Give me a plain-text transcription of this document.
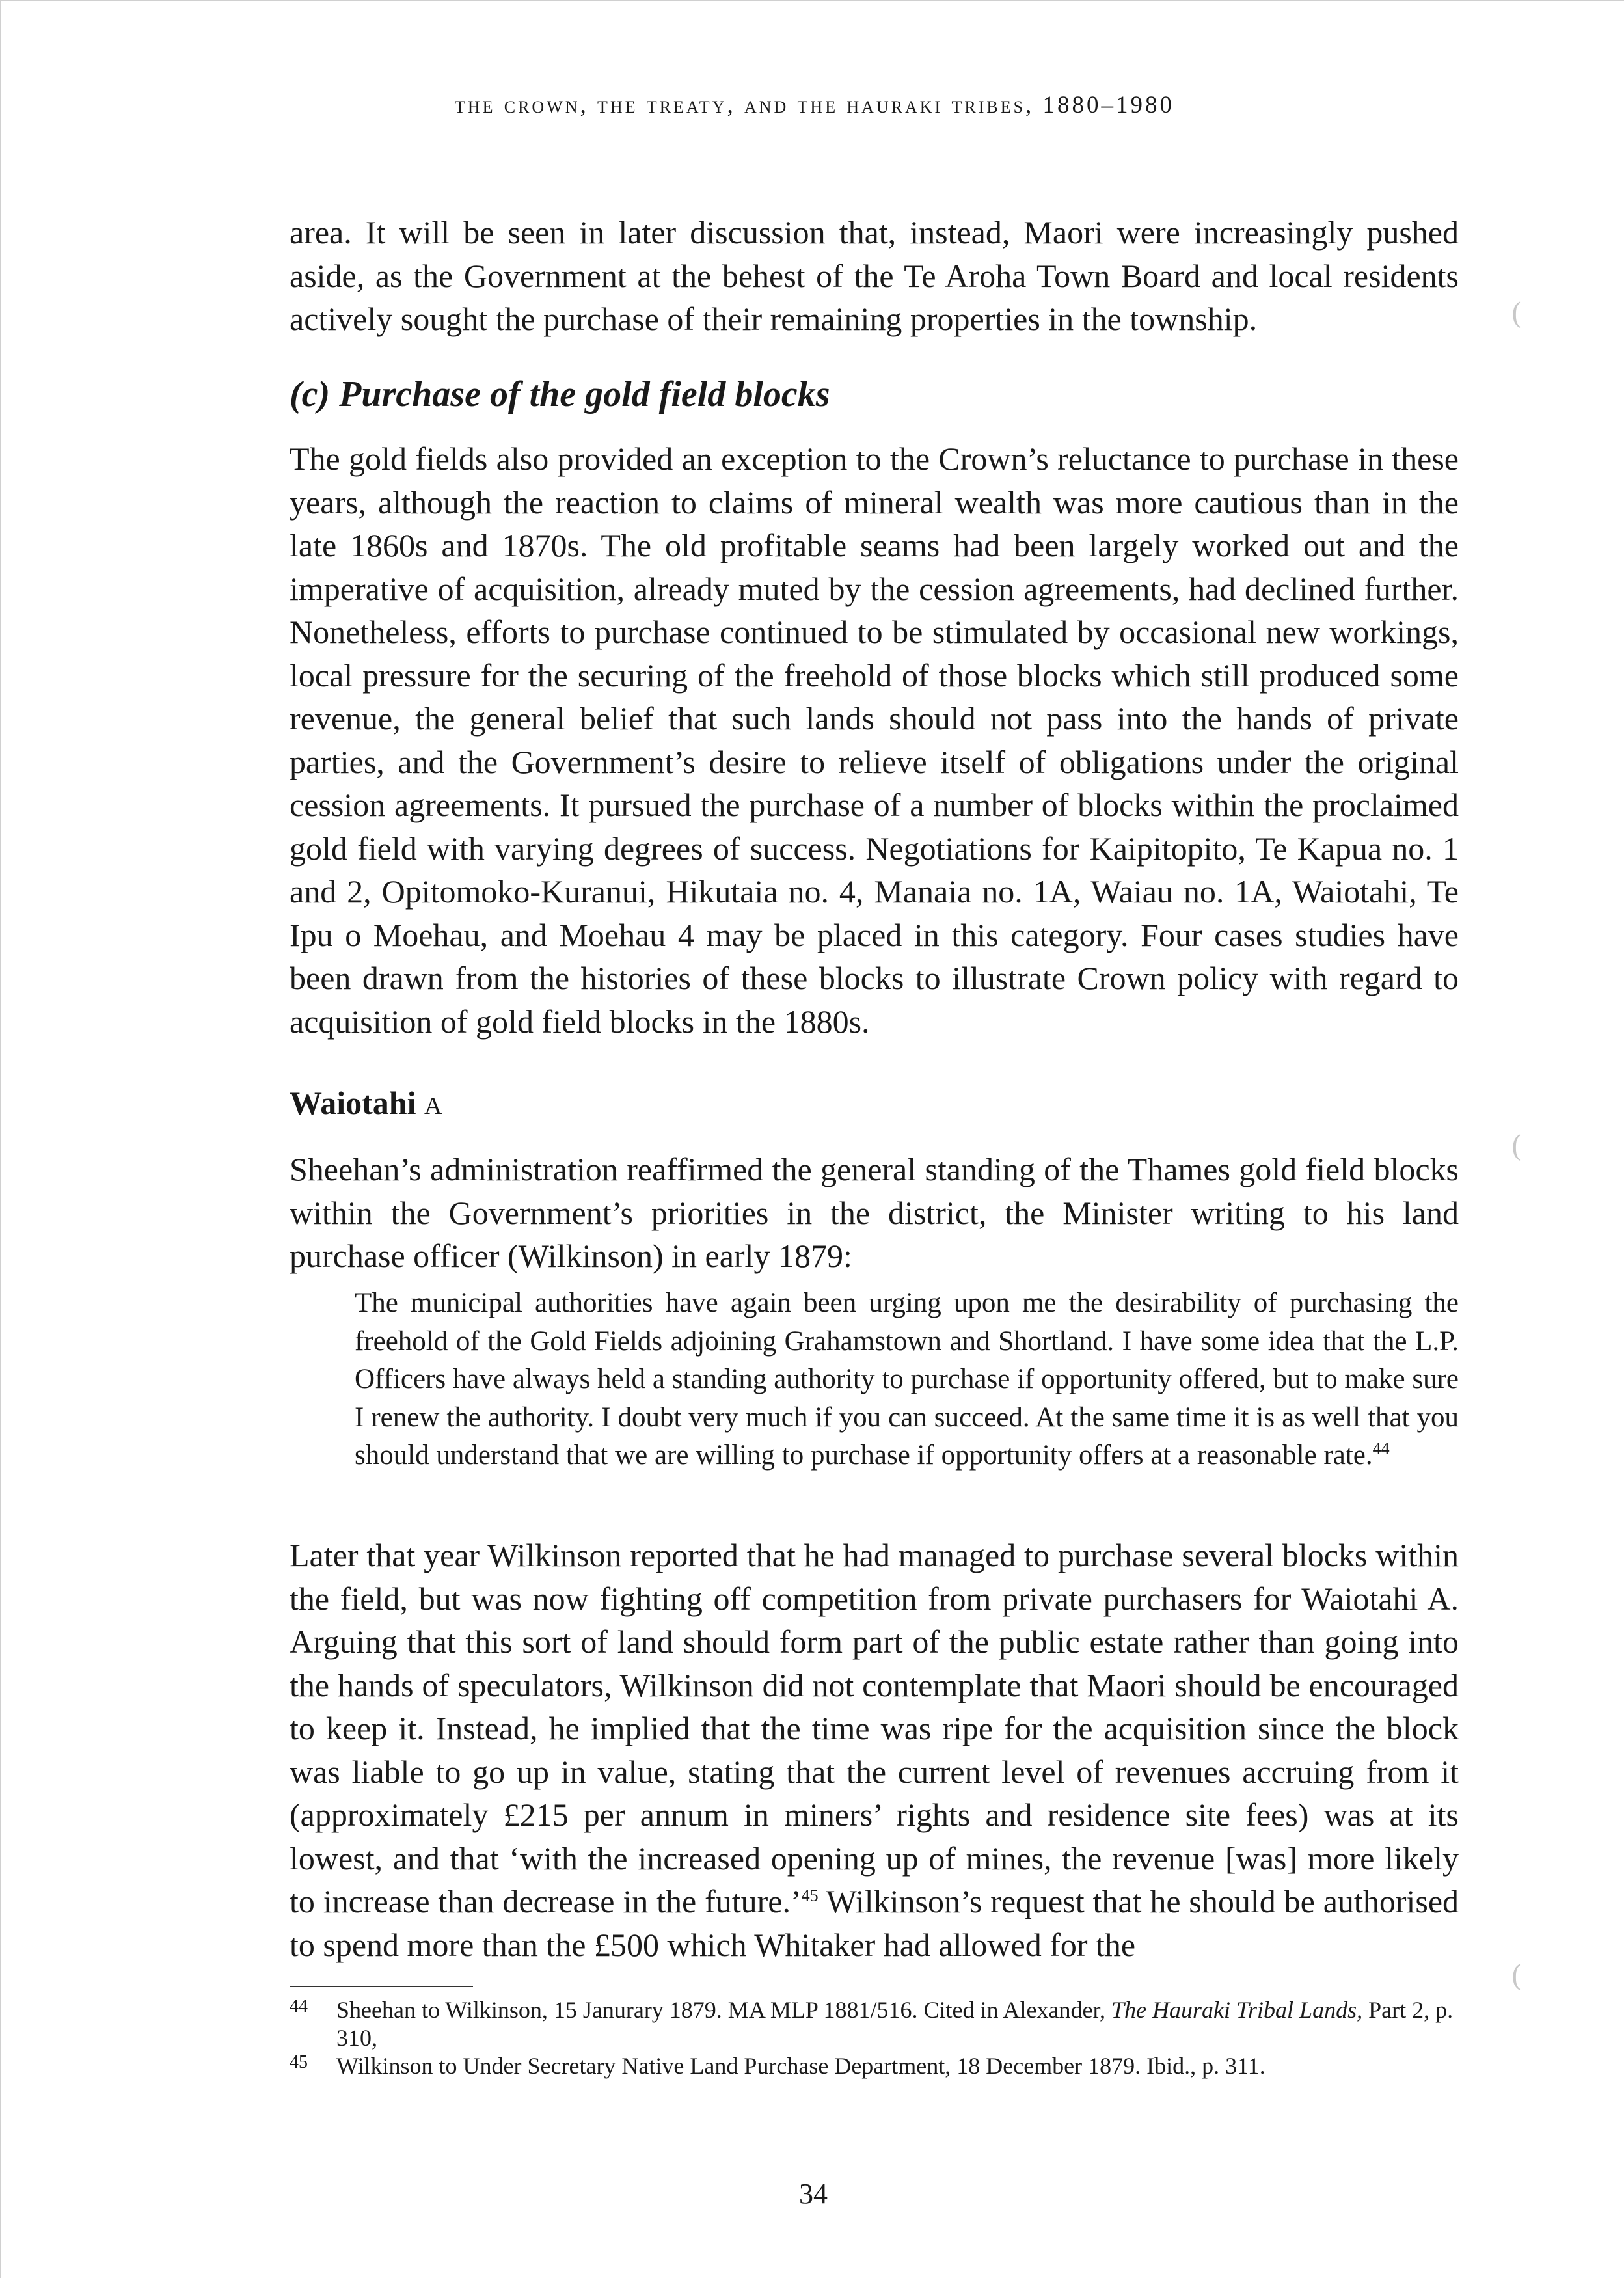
the crown, the treaty, and the hauraki tribes, 1880–1980

area. It will be seen in later discussion that, instead, Maori were increasingly pushed aside, as the Government at the behest of the Te Aroha Town Board and local residents actively sought the purchase of their remaining properties in the township.

(c) Purchase of the gold field blocks

The gold fields also provided an exception to the Crown’s reluctance to purchase in these years, although the reaction to claims of mineral wealth was more cautious than in the late 1860s and 1870s. The old profitable seams had been largely worked out and the imperative of acquisition, already muted by the cession agreements, had declined further. Nonetheless, efforts to purchase continued to be stimulated by occasional new workings, local pressure for the securing of the freehold of those blocks which still produced some revenue, the general belief that such lands should not pass into the hands of private parties, and the Government’s desire to relieve itself of obligations under the original cession agreements. It pursued the purchase of a number of blocks within the proclaimed gold field with varying degrees of success. Negotiations for Kaipitopito, Te Kapua no. 1 and 2, Opitomoko-Kuranui, Hikutaia no. 4, Manaia no. 1A, Waiau no. 1A, Waiotahi, Te Ipu o Moehau, and Moehau 4 may be placed in this category. Four cases studies have been drawn from the histories of these blocks to illustrate Crown policy with regard to acquisition of gold field blocks in the 1880s.

Waiotahi A

Sheehan’s administration reaffirmed the general standing of the Thames gold field blocks within the Government’s priorities in the district, the Minister writing to his land purchase officer (Wilkinson) in early 1879:

The municipal authorities have again been urging upon me the desirability of purchasing the freehold of the Gold Fields adjoining Grahamstown and Shortland. I have some idea that the L.P. Officers have always held a standing authority to purchase if opportunity offered, but to make sure I renew the authority. I doubt very much if you can succeed. At the same time it is as well that you should understand that we are willing to purchase if opportunity offers at a reasonable rate.$^{44}$

Later that year Wilkinson reported that he had managed to purchase several blocks within the field, but was now fighting off competition from private purchasers for Waiotahi A. Arguing that this sort of land should form part of the public estate rather than going into the hands of speculators, Wilkinson did not contemplate that Maori should be encouraged to keep it. Instead, he implied that the time was ripe for the acquisition since the block was liable to go up in value, stating that the current level of revenues accruing from it (approximately £215 per annum in miners’ rights and residence site fees) was at its lowest, and that ‘with the increased opening up of mines, the revenue [was] more likely to increase than decrease in the future.’$^{45}$ Wilkinson’s request that he should be authorised to spend more than the £500 which Whitaker had allowed for the

44	Sheehan to Wilkinson, 15 Janurary 1879. MA MLP 1881/516. Cited in Alexander, The Hauraki Tribal Lands, Part 2, p. 310,
45	Wilkinson to Under Secretary Native Land Purchase Department, 18 December 1879. Ibid., p. 311.
34
(
(
(
